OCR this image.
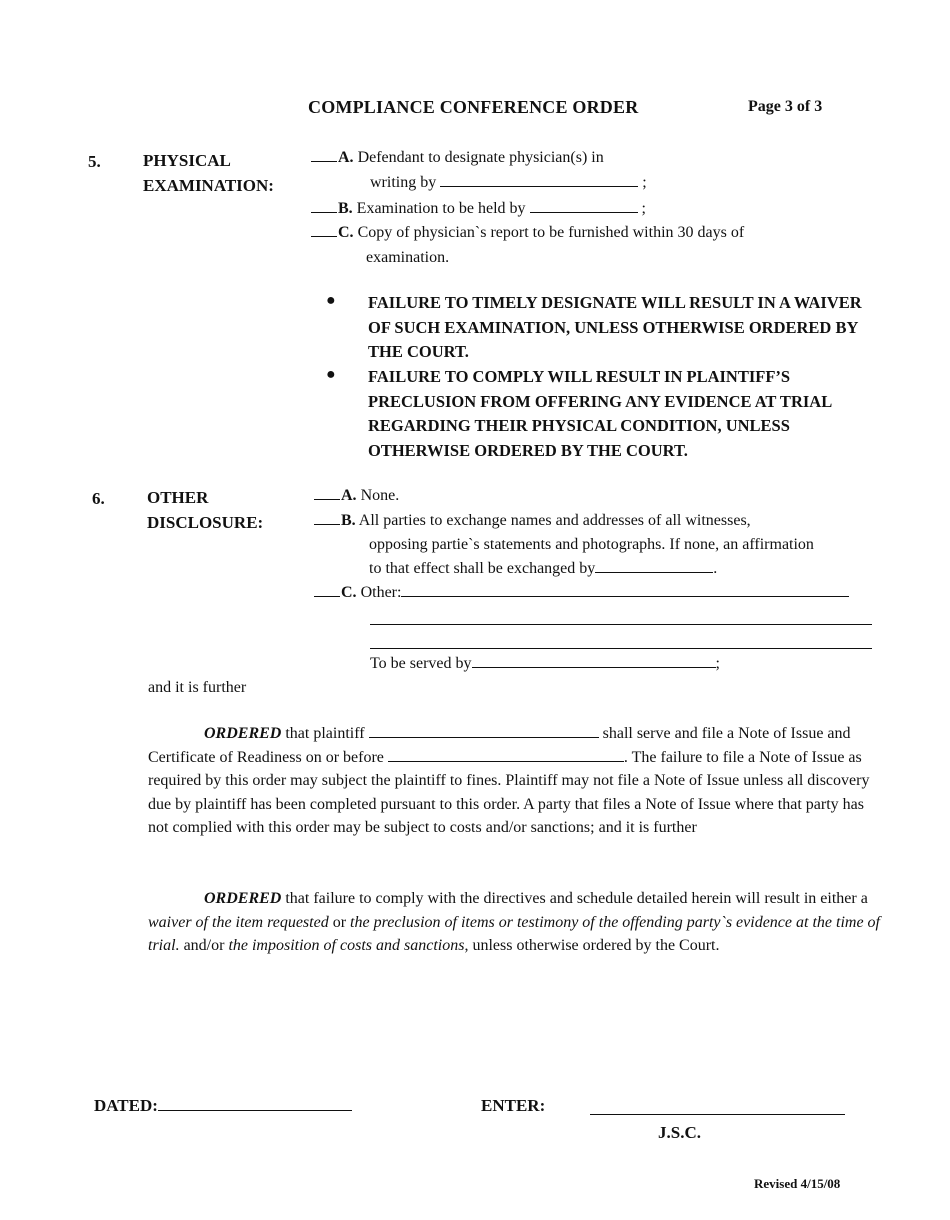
COMPLIANCE CONFERENCE ORDER	Page 3 of 3
5. PHYSICAL
EXAMINATION:
A. Defendant to designate physician(s) in
writing by	;
B. Examination to be held by	;
C. Copy of physician`s report to be furnished within 30 days of
examination.
● FAILURE TO TIMELY DESIGNATE WILL RESULT IN A WAIVER OF SUCH EXAMINATION, UNLESS OTHERWISE ORDERED BY THE COURT.
● FAILURE TO COMPLY WILL RESULT IN PLAINTIFF’S PRECLUSION FROM OFFERING ANY EVIDENCE AT TRIAL REGARDING THEIR PHYSICAL CONDITION, UNLESS OTHERWISE ORDERED BY THE COURT.
6. OTHER
DISCLOSURE:
A. None.
B. All parties to exchange names and addresses of all witnesses,
opposing partie`s statements and photographs. If none, an affirmation
to that effect shall be exchanged by	.
C. Other:
To be served by	;
and it is further
ORDERED that plaintiff	shall serve and file a Note of Issue and Certificate of Readiness on or before	. The failure to file a Note of Issue as required by this order may subject the plaintiff to fines. Plaintiff may not file a Note of Issue unless all discovery due by plaintiff has been completed pursuant to this order. A party that files a Note of Issue where that party has not complied with this order may be subject to costs and/or sanctions; and it is further
ORDERED that failure to comply with the directives and schedule detailed herein will result in either a waiver of the item requested or the preclusion of items or testimony of the offending party`s evidence at the time of trial. and/or the imposition of costs and sanctions, unless otherwise ordered by the Court.
DATED:	ENTER:
J.S.C.
Revised 4/15/08
